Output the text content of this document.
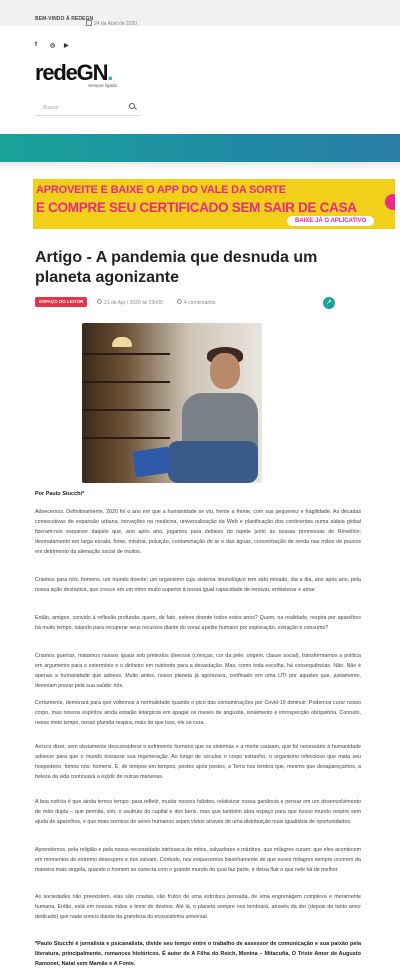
BEM-VINDO À REDEGN
24 de Abril de 2020
f ◎ ▶
redeGN.
Sempre ligado
Buscar
APROVEITE E BAIXE O APP DO VALE DA SORTE
E COMPRE SEU CERTIFICADO SEM SAIR DE CASA
BAIXE JÁ O APLICATIVO
Artigo - A pandemia que desnuda um planeta agonizante
ESPAÇO DO LEITOR	21 de Apr / 2020 às 23h00	4 comentários	↗
Por Paulo Stucchi*

Adoecemos. Definitivamente, 2020 foi o ano em que a humanidade se viu, frente a frente, com sua pequenez e fragilidade. As décadas consecutivas de expansão urbana, inovações na medicina, universalização da Web e planificação dos continentes numa aldeia global fizeram-nos esquecer daquilo que, ano após ano, jogamos para debaixo do tapete junto às nossas promessas de Réveillon: desmatamento em larga escala, fome, miséria, poluição, contaminação do ar e das águas, concentração de renda nas mãos de poucos em detrimento da alienação social de muitos.

Criamos para nós, homens, um mundo doente; um organismo cujo sistema imunológico tem sido minado, dia a dia, ano após ano, pela nossa ação destrutiva, que cresce em um ritmo muito superior à nossa igual capacidade de renovar, embelezar e amar.

Então, amigos, convido à reflexão profunda: quem, de fato, esteve doente todos estes anos? Quem, na realidade, respira por aparelhos há muito tempo, lutando para recuperar seus recursos diante do voraz apetite humano por exploração, extração e consumo?

Criamos guerras, matamos nossos iguais sob pretextos diversos (crenças, cor da pele, origem, classe social), transformamos a política em argumento para o extermínio e o dinheiro em nutriente para a devastação. Mas, como toda escolha, há consequências. Não. Não é apenas a humanidade que adoece. Muito antes, nosso planeta já agonizava, confinado em uma UTI por aqueles que, justamente, deveriam prezar pela sua saúde: nós.

Certamente, demorará para que voltemos à normalidade quando o pico das contaminações por Covid-19 diminuir. Podemos curar nosso corpo, mas nossos espíritos ainda estarão letárgicos em apagar os meses de angústia, isolamento e introspecção obrigatória. Contudo, nesse meio tempo, nosso planeta respira, mais do que isso, ele se cura.

Arrisco dizer, sem obviamente desconsiderar o sofrimento humano que os sintomas e a morte causam, que foi necessário à humanidade adoecer para que o mundo iniciasse sua regeneração. Ao longo de séculos o corpo estranho, o organismo infeccioso que mata seu hospedeiro, fomos nós: homens. E, de tempos em tempos, pestes após pestes, a Terra nos lembra que, mesmo que desapareçamos, a beleza da vida continuará a existir de outras maneiras.

A boa notícia é que ainda temos tempo: para refletir, mudar nossos hábitos, relativizar nossa ganância e pensar em um desenvolvimento de mão dupla – que permita, sim, o usufruto do capital e dos bens, mas que também abra espaço para que nosso mundo respire sem ajuda de aparelhos, e que mais sorrisos de seres humanos sejam vistos através de uma distribuição mais igualitária de oportunidades.

Aprendemos, pela religião e pela nossa necessidade intrínseca de mitos, salvadores e mártires, que milagres curam; que eles acontecem em momentos de extremo desespero e nos salvam. Contudo, nos esquecemos bisonhamente de que esses milagres sempre ocorrem da maneira mais singela, quando o homem se conecta com o grande mundo do qual faz parte, e deixa fluir o que nele há de melhor.

As sociedades não preexistem, elas são criadas, são frutos de uma estrutura pensada, de uma engrenagem complexa e meramente humana. Então, está em nossas mãos o leme do destino. Até lá, o planeta sempre nos lembrará, através da dor (depois de tanto amor dedicado) que nada somos diante da grandeza do ecossistema universal.

*Paulo Stucchi é jornalista e psicanalista, divide seu tempo entre o trabalho de assessor de comunicação e sua paixão pela literatura, principalmente, romances históricos. É autor de A Filha do Reich, Menina – Mitacuña, O Triste Amor de Augusto Ramonet, Natal sem Mamãe e A Fonte.
